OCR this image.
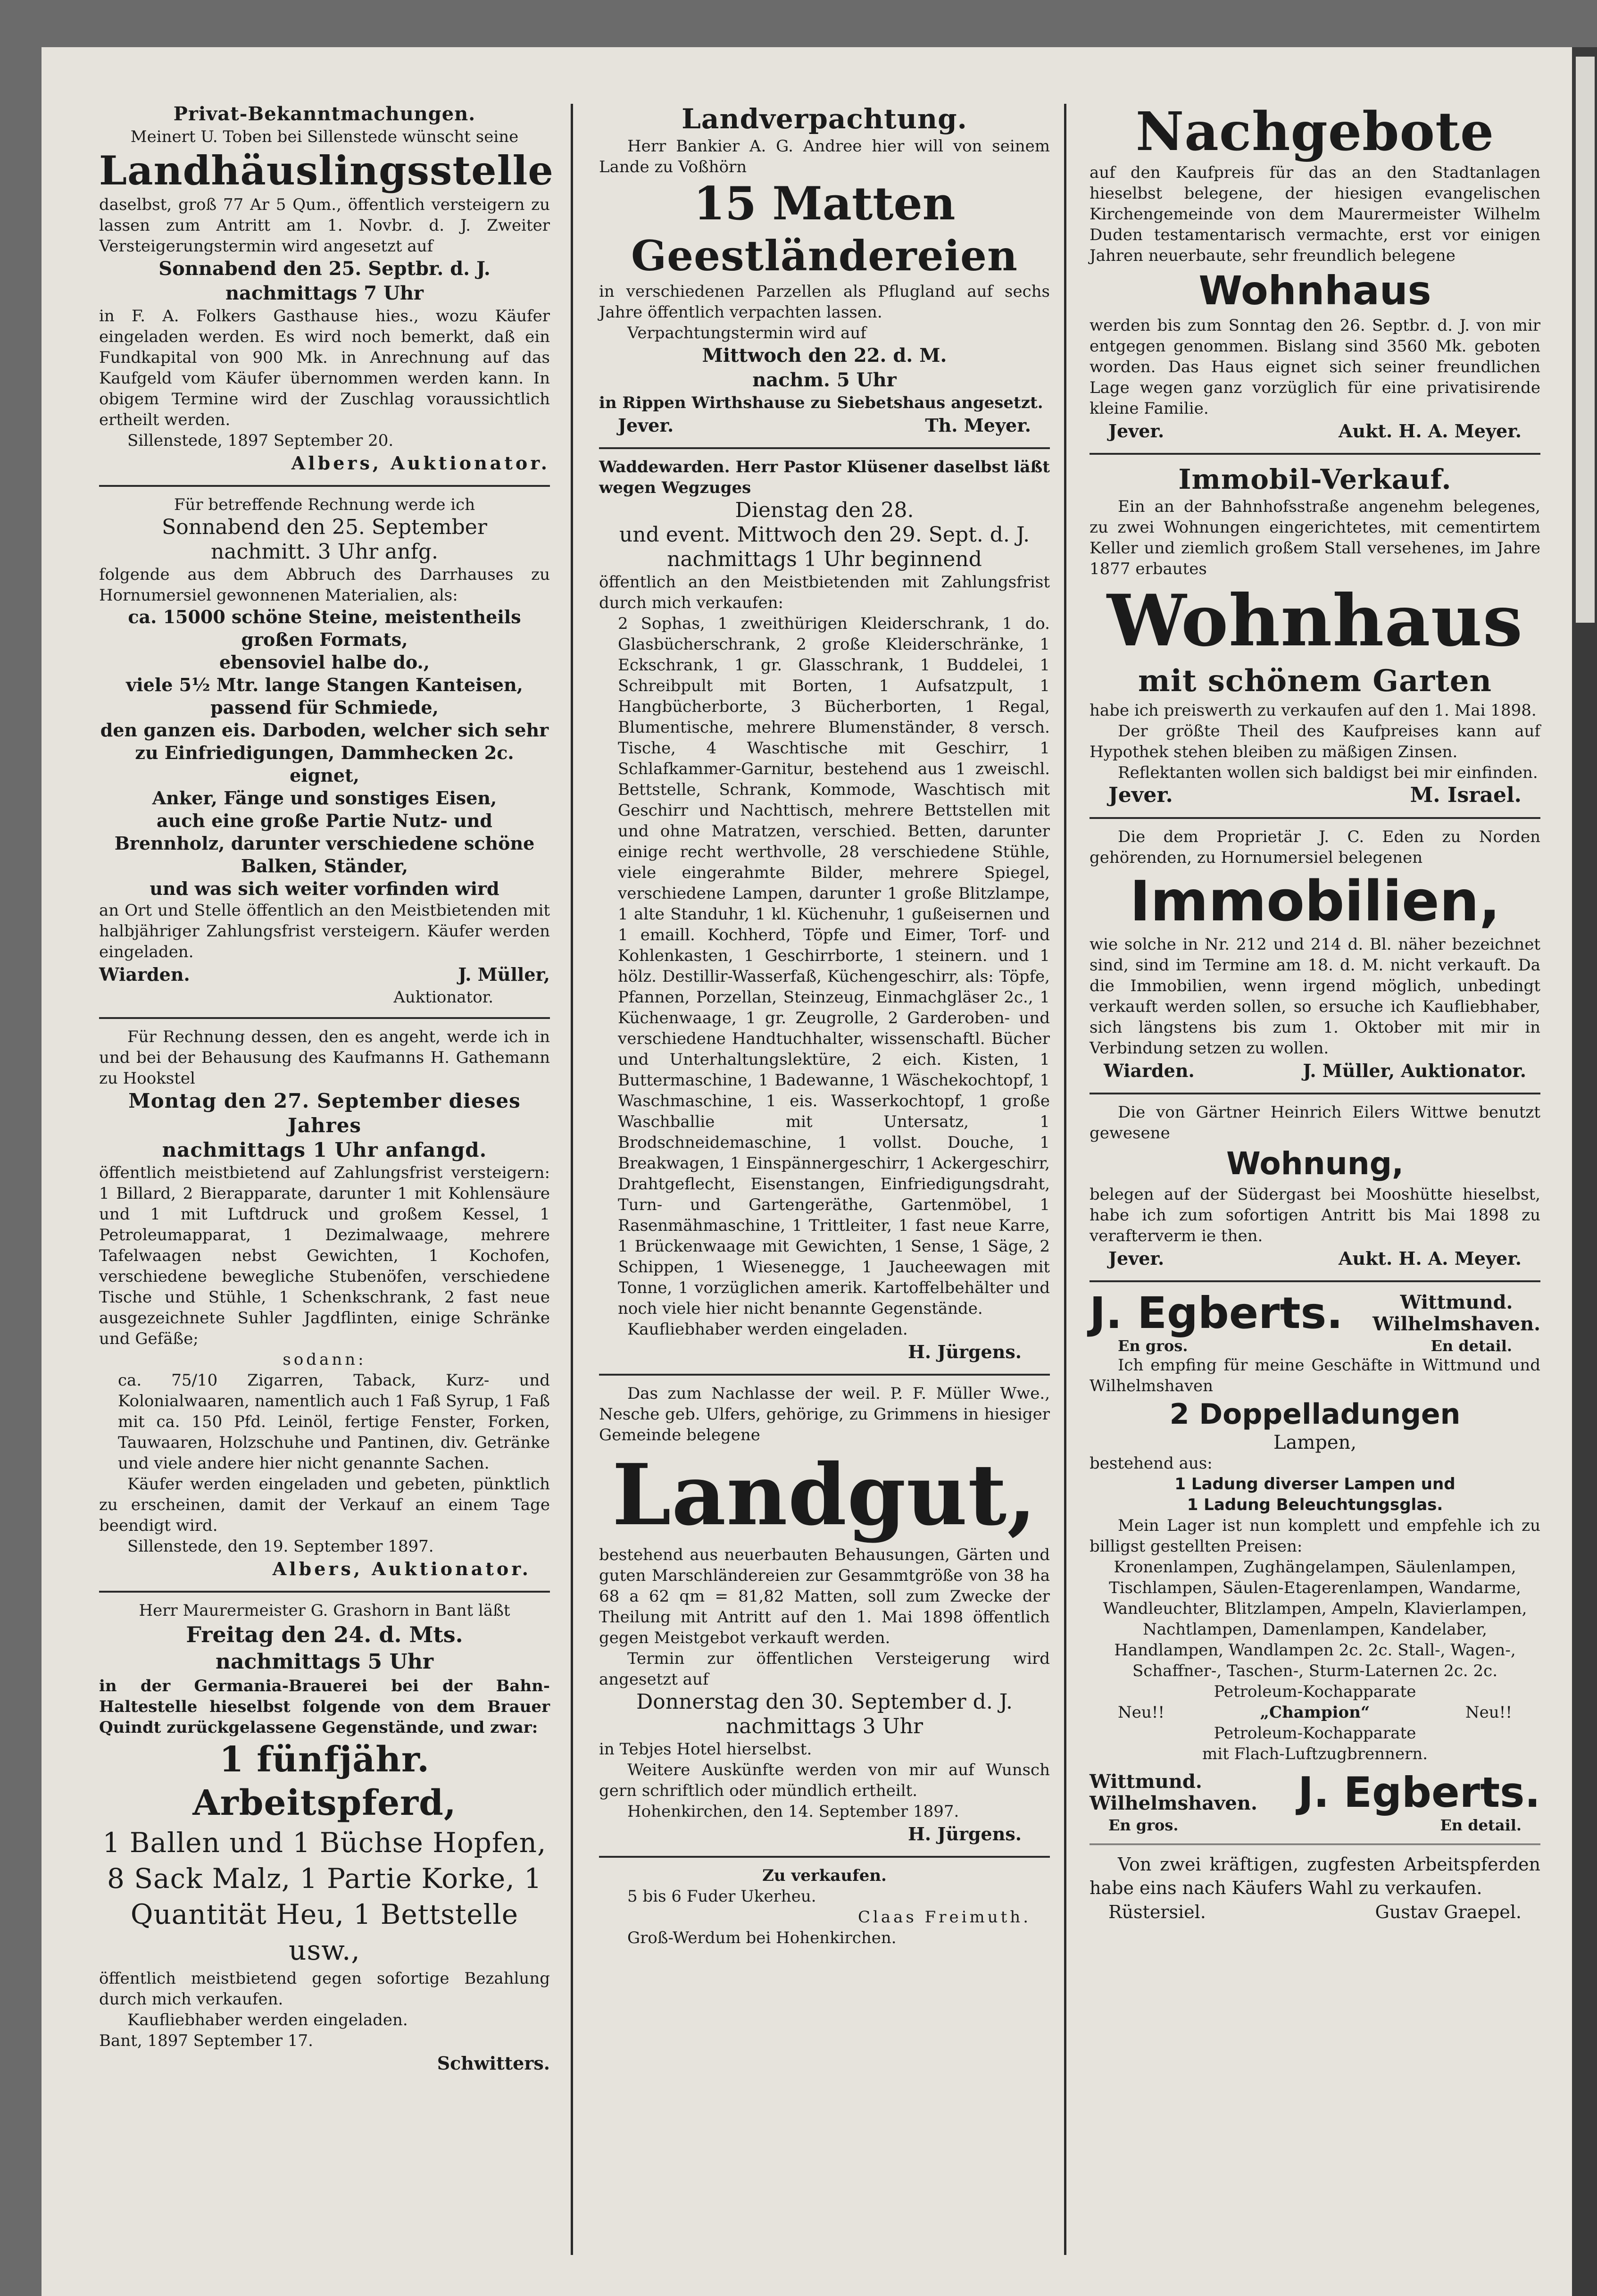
Privat-Bekanntmachungen.

Meinert U. Toben bei Sillenstede wünscht seine

Landhäuslingsstelle

daselbst, groß 77 Ar 5 Qum., öffentlich versteigern zu lassen zum Antritt am 1. Novbr. d. J. Zweiter Versteigerungstermin wird angesetzt auf

Sonnabend den 25. Septbr. d. J.

nachmittags 7 Uhr

in F. A. Folkers Gasthause hies., wozu Käufer eingeladen werden. Es wird noch bemerkt, daß ein Fundkapital von 900 Mk. in Anrechnung auf das Kaufgeld vom Käufer übernommen werden kann. In obigem Termine wird der Zuschlag voraussichtlich ertheilt werden.

Sillenstede, 1897 September 20.

Albers, Auktionator.

Für betreffende Rechnung werde ich

Sonnabend den 25. September

nachmitt. 3 Uhr anfg.

folgende aus dem Abbruch des Darrhauses zu Hornumersiel gewonnenen Materialien, als:

ca. 15000 schöne Steine, meistentheils großen Formats,

ebensoviel halbe do.,

viele 5½ Mtr. lange Stangen Kanteisen, passend für Schmiede,

den ganzen eis. Darboden, welcher sich sehr zu Einfriedigungen, Dammhecken 2c. eignet,

Anker, Fänge und sonstiges Eisen,

auch eine große Partie Nutz- und Brennholz, darunter verschiedene schöne Balken, Ständer,

und was sich weiter vorfinden wird

an Ort und Stelle öffentlich an den Meistbietenden mit halbjähriger Zahlungsfrist versteigern. Käufer werden eingeladen.

Wiarden.	J. Müller,

Auktionator.

Für Rechnung dessen, den es angeht, werde ich in und bei der Behausung des Kaufmanns H. Gathemann zu Hookstel

Montag den 27. September dieses Jahres

nachmittags 1 Uhr anfangd.

öffentlich meistbietend auf Zahlungsfrist versteigern: 1 Billard, 2 Bierapparate, darunter 1 mit Kohlensäure und 1 mit Luftdruck und großem Kessel, 1 Petroleumapparat, 1 Dezimalwaage, mehrere Tafelwaagen nebst Gewichten, 1 Kochofen, verschiedene bewegliche Stubenöfen, verschiedene Tische und Stühle, 1 Schenkschrank, 2 fast neue ausgezeichnete Suhler Jagdflinten, einige Schränke und Gefäße;

sodann:

ca. 75/10 Zigarren, Taback, Kurz- und Kolonialwaaren, namentlich auch 1 Faß Syrup, 1 Faß mit ca. 150 Pfd. Leinöl, fertige Fenster, Forken, Tauwaaren, Holzschuhe und Pantinen, div. Getränke und viele andere hier nicht genannte Sachen.

Käufer werden eingeladen und gebeten, pünktlich zu erscheinen, damit der Verkauf an einem Tage beendigt wird.

Sillenstede, den 19. September 1897.

Albers, Auktionator.

Herr Maurermeister G. Grashorn in Bant läßt

Freitag den 24. d. Mts.

nachmittags 5 Uhr

in der Germania-Brauerei bei der Bahn-Haltestelle hieselbst folgende von dem Brauer Quindt zurückgelassene Gegenstände, und zwar:

1 fünfjähr. Arbeitspferd,

1 Ballen und 1 Büchse Hopfen, 8 Sack Malz, 1 Partie Korke, 1 Quantität Heu, 1 Bettstelle usw.,

öffentlich meistbietend gegen sofortige Bezahlung durch mich verkaufen.

Kaufliebhaber werden eingeladen.

Bant, 1897 September 17.

Schwitters.

Landverpachtung.

Herr Bankier A. G. Andree hier will von seinem Lande zu Voßhörn

15 Matten

Geestländereien

in verschiedenen Parzellen als Pflugland auf sechs Jahre öffentlich verpachten lassen.

Verpachtungstermin wird auf

Mittwoch den 22. d. M.

nachm. 5 Uhr

in Rippen Wirthshause zu Siebetshaus angesetzt.

Jever.	Th. Meyer.

Waddewarden. Herr Pastor Klüsener daselbst läßt wegen Wegzuges

Dienstag den 28.

und event. Mittwoch den 29. Sept. d. J.

nachmittags 1 Uhr beginnend

öffentlich an den Meistbietenden mit Zahlungsfrist durch mich verkaufen:

2 Sophas, 1 zweithürigen Kleiderschrank, 1 do. Glasbücherschrank, 2 große Kleiderschränke, 1 Eckschrank, 1 gr. Glasschrank, 1 Buddelei, 1 Schreibpult mit Borten, 1 Aufsatzpult, 1 Hangbücherborte, 3 Bücherborten, 1 Regal, Blumentische, mehrere Blumenständer, 8 versch. Tische, 4 Waschtische mit Geschirr, 1 Schlafkammer-Garnitur, bestehend aus 1 zweischl. Bettstelle, Schrank, Kommode, Waschtisch mit Geschirr und Nachttisch, mehrere Bettstellen mit und ohne Matratzen, verschied. Betten, darunter einige recht werthvolle, 28 verschiedene Stühle, viele eingerahmte Bilder, mehrere Spiegel, verschiedene Lampen, darunter 1 große Blitzlampe, 1 alte Standuhr, 1 kl. Küchenuhr, 1 gußeisernen und 1 emaill. Kochherd, Töpfe und Eimer, Torf- und Kohlenkasten, 1 Geschirrborte, 1 steinern. und 1 hölz. Destillir-Wasserfaß, Küchengeschirr, als: Töpfe, Pfannen, Porzellan, Steinzeug, Einmachgläser 2c., 1 Küchenwaage, 1 gr. Zeugrolle, 2 Garderoben- und verschiedene Handtuchhalter, wissenschaftl. Bücher und Unterhaltungslektüre, 2 eich. Kisten, 1 Buttermaschine, 1 Badewanne, 1 Wäschekochtopf, 1 Waschmaschine, 1 eis. Wasserkochtopf, 1 große Waschballie mit Untersatz, 1 Brodschneidemaschine, 1 vollst. Douche, 1 Breakwagen, 1 Einspännergeschirr, 1 Ackergeschirr, Drahtgeflecht, Eisenstangen, Einfriedigungsdraht, Turn- und Gartengeräthe, Gartenmöbel, 1 Rasenmähmaschine, 1 Trittleiter, 1 fast neue Karre, 1 Brückenwaage mit Gewichten, 1 Sense, 1 Säge, 2 Schippen, 1 Wiesenegge, 1 Jaucheewagen mit Tonne, 1 vorzüglichen amerik. Kartoffelbehälter und noch viele hier nicht benannte Gegenstände.

Kaufliebhaber werden eingeladen.

H. Jürgens.

Das zum Nachlasse der weil. P. F. Müller Wwe., Nesche geb. Ulfers, gehörige, zu Grimmens in hiesiger Gemeinde belegene

Landgut,

bestehend aus neuerbauten Behausungen, Gärten und guten Marschländereien zur Gesammtgröße von 38 ha 68 a 62 qm = 81,82 Matten, soll zum Zwecke der Theilung mit Antritt auf den 1. Mai 1898 öffentlich gegen Meistgebot verkauft werden.

Termin zur öffentlichen Versteigerung wird angesetzt auf

Donnerstag den 30. September d. J.

nachmittags 3 Uhr

in Tebjes Hotel hierselbst.

Weitere Auskünfte werden von mir auf Wunsch gern schriftlich oder mündlich ertheilt.

Hohenkirchen, den 14. September 1897.

H. Jürgens.

Zu verkaufen.

5 bis 6 Fuder Ukerheu.

Claas Freimuth.

Groß-Werdum bei Hohenkirchen.

Nachgebote

auf den Kaufpreis für das an den Stadtanlagen hieselbst belegene, der hiesigen evangelischen Kirchengemeinde von dem Maurermeister Wilhelm Duden testamentarisch vermachte, erst vor einigen Jahren neuerbaute, sehr freundlich belegene

Wohnhaus

werden bis zum Sonntag den 26. Septbr. d. J. von mir entgegen genommen. Bislang sind 3560 Mk. geboten worden. Das Haus eignet sich seiner freundlichen Lage wegen ganz vorzüglich für eine privatisirende kleine Familie.

Jever.	Aukt. H. A. Meyer.

Immobil-Verkauf.

Ein an der Bahnhofsstraße angenehm belegenes, zu zwei Wohnungen eingerichtetes, mit cementirtem Keller und ziemlich großem Stall versehenes, im Jahre 1877 erbautes

Wohnhaus

mit schönem Garten

habe ich preiswerth zu verkaufen auf den 1. Mai 1898.

Der größte Theil des Kaufpreises kann auf Hypothek stehen bleiben zu mäßigen Zinsen.

Reflektanten wollen sich baldigst bei mir einfinden.

Jever.	M. Israel.

Die dem Proprietär J. C. Eden zu Norden gehörenden, zu Hornumersiel belegenen

Immobilien,

wie solche in Nr. 212 und 214 d. Bl. näher bezeichnet sind, sind im Termine am 18. d. M. nicht verkauft. Da die Immobilien, wenn irgend möglich, unbedingt verkauft werden sollen, so ersuche ich Kaufliebhaber, sich längstens bis zum 1. Oktober mit mir in Verbindung setzen zu wollen.

Wiarden.	J. Müller, Auktionator.

Die von Gärtner Heinrich Eilers Wittwe benutzt gewesene

Wohnung,

belegen auf der Südergast bei Mooshütte hieselbst, habe ich zum sofortigen Antritt bis Mai 1898 zu verafterverm ie then.

Jever.	Aukt. H. A. Meyer.
J. Egberts.	Wittmund.
Wilhelmshaven.
En gros.	En detail.

Ich empfing für meine Geschäfte in Wittmund und Wilhelmshaven

2 Doppelladungen

Lampen,

bestehend aus:

1 Ladung diverser Lampen und

1 Ladung Beleuchtungsglas.

Mein Lager ist nun komplett und empfehle ich zu billigst gestellten Preisen:

Kronenlampen, Zughängelampen, Säulenlampen, Tischlampen, Säulen-Etagerenlampen, Wandarme, Wandleuchter, Blitzlampen, Ampeln, Klavierlampen, Nachtlampen, Damenlampen, Kandelaber, Handlampen, Wandlampen 2c. 2c. Stall-, Wagen-, Schaffner-, Taschen-, Sturm-Laternen 2c. 2c.

Petroleum-Kochapparate

Neu!!	„Champion“	Neu!!

Petroleum-Kochapparate

mit Flach-Luftzugbrennern.

Wittmund.
Wilhelmshaven. J. Egberts.
En gros.	En detail.

Von zwei kräftigen, zugfesten Arbeitspferden habe eins nach Käufers Wahl zu verkaufen.

Rüstersiel.	Gustav Graepel.
